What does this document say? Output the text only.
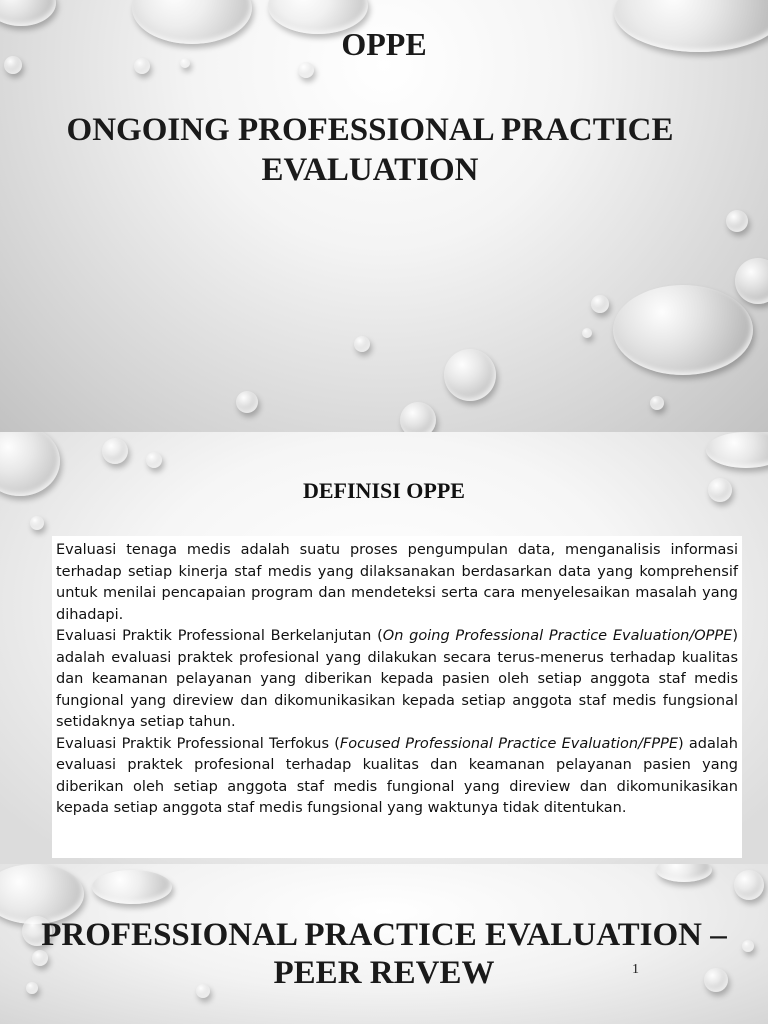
OPPE
ONGOING PROFESSIONAL PRACTICE EVALUATION
DEFINISI OPPE

Evaluasi tenaga medis adalah suatu proses pengumpulan data, menganalisis informasi terhadap setiap kinerja staf medis yang dilaksanakan berdasarkan data yang komprehensif untuk menilai pencapaian program dan mendeteksi serta cara menyelesaikan masalah yang dihadapi.

Evaluasi Praktik Professional Berkelanjutan (On going Professional Practice Evaluation/OPPE) adalah evaluasi praktek profesional yang dilakukan secara terus-menerus terhadap kualitas dan keamanan pelayanan yang diberikan kepada pasien oleh setiap anggota staf medis fungional yang direview dan dikomunikasikan kepada setiap anggota staf medis fungsional setidaknya setiap tahun.

Evaluasi Praktik Professional Terfokus (Focused Professional Practice Evaluation/FPPE) adalah evaluasi praktek profesional terhadap kualitas dan keamanan pelayanan pasien yang diberikan oleh setiap anggota staf medis fungional yang direview dan dikomunikasikan kepada setiap anggota staf medis fungsional yang waktunya tidak ditentukan.

PROFESSIONAL PRACTICE EVALUATION – PEER REVEW	1
